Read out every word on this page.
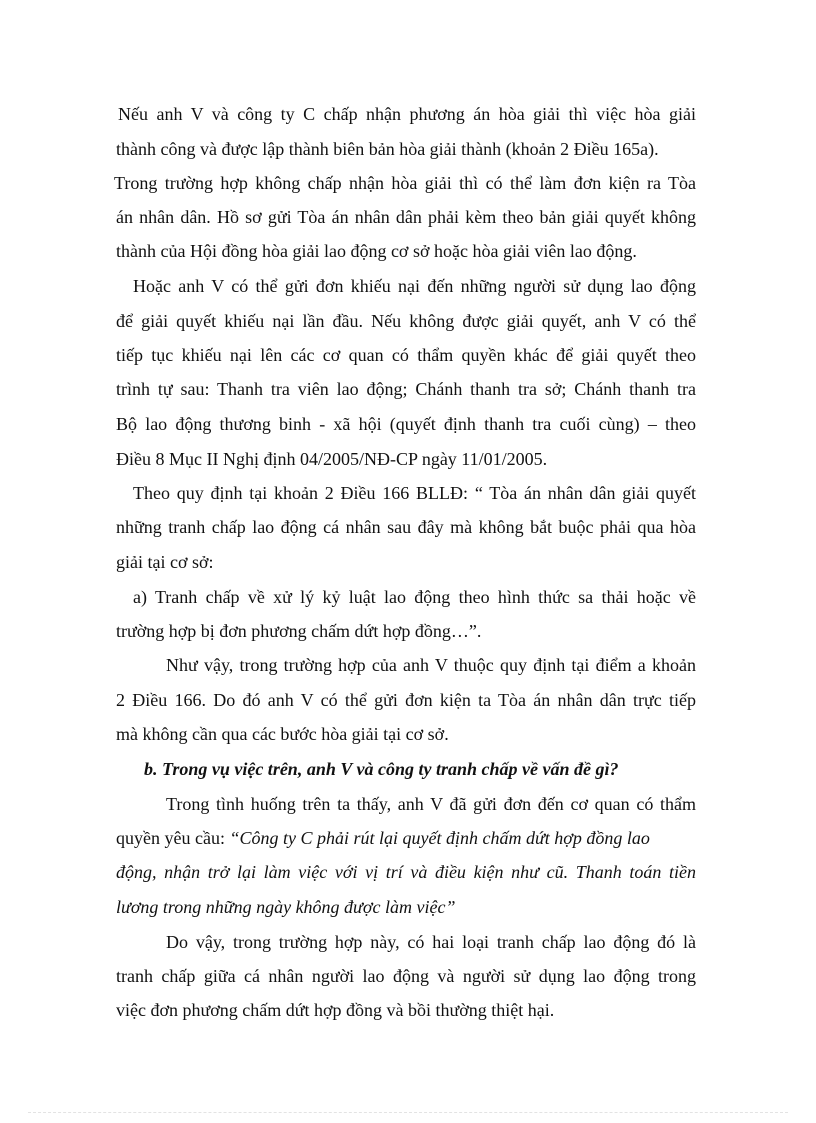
Nếu anh V và công ty C chấp nhận phương án hòa giải thì việc hòa giải
thành công và được lập thành biên bản hòa giải thành (khoản 2 Điều 165a).
Trong trường hợp không chấp nhận hòa giải thì có thể làm đơn kiện ra Tòa
án nhân dân. Hồ sơ gửi Tòa án nhân dân phải kèm theo bản giải quyết không
thành của Hội đồng hòa giải lao động cơ sở hoặc hòa giải viên lao động.
Hoặc anh V có thể gửi đơn khiếu nại đến những người sử dụng lao động
để giải quyết khiếu nại lần đầu. Nếu không được giải quyết, anh V có thể
tiếp tục khiếu nại lên các cơ quan có thẩm quyền khác để giải quyết theo
trình tự sau: Thanh tra viên lao động; Chánh thanh tra sở; Chánh thanh tra
Bộ lao động thương binh - xã hội (quyết định thanh tra cuối cùng) – theo
Điều 8 Mục II Nghị định 04/2005/NĐ-CP ngày 11/01/2005.
Theo quy định tại khoản 2 Điều 166 BLLĐ: “ Tòa án nhân dân giải quyết
những tranh chấp lao động cá nhân sau đây mà không bắt buộc phải qua hòa
giải tại cơ sở:
a) Tranh chấp về xử lý kỷ luật lao động theo hình thức sa thải hoặc về
trường hợp bị đơn phương chấm dứt hợp đồng…”.
Như vậy, trong trường hợp của anh V thuộc quy định tại điểm a khoản
2 Điều 166. Do đó anh V có thể gửi đơn kiện ta Tòa án nhân dân trực tiếp
mà không cần qua các bước hòa giải tại cơ sở.
b. Trong vụ việc trên, anh V và công ty tranh chấp về vấn đề gì?
Trong tình huống trên ta thấy, anh V đã gửi đơn đến cơ quan có thẩm
quyền yêu cầu: “Công ty C phải rút lại quyết định chấm dứt hợp đồng lao
động, nhận trở lại làm việc với vị trí và điều kiện như cũ. Thanh toán tiền
lương trong những ngày không được làm việc”
Do vậy, trong trường hợp này, có hai loại tranh chấp lao động đó là
tranh chấp giữa cá nhân người lao động và người sử dụng lao động trong
việc đơn phương chấm dứt hợp đồng và bồi thường thiệt hại.
